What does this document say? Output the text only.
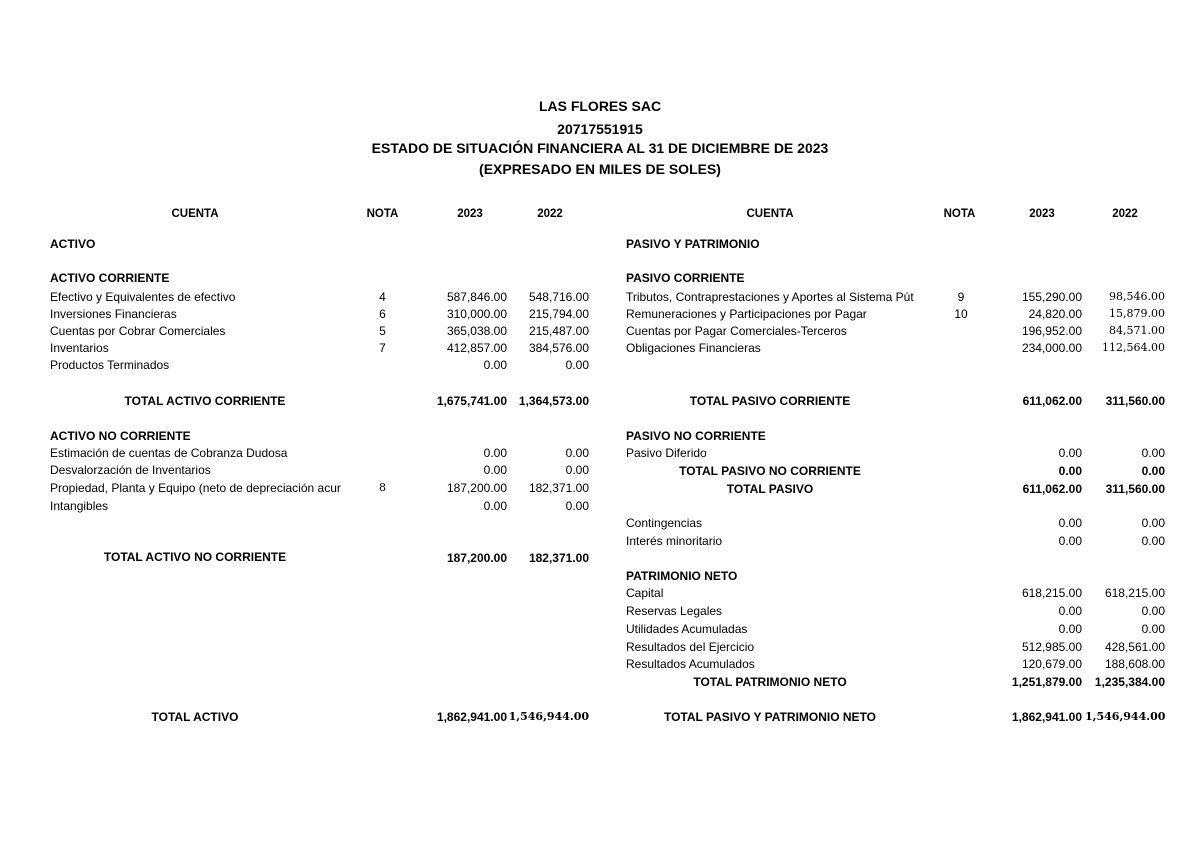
LAS FLORES SAC
20717551915
ESTADO DE SITUACIÓN FINANCIERA AL 31 DE DICIEMBRE DE 2023
(EXPRESADO EN MILES DE SOLES)
CUENTA	NOTA	2023	2022	CUENTA	NOTA	2023	2022
ACTIVO
ACTIVO CORRIENTE
Efectivo y Equivalentes de efectivo	4	587,846.00	548,716.00
Inversiones Financieras	6	310,000.00	215,794.00
Cuentas por Cobrar Comerciales	5	365,038.00	215,487.00
Inventarios	7	412,857.00	384,576.00
Productos Terminados	0.00	0.00
TOTAL ACTIVO CORRIENTE	1,675,741.00 1,364,573.00
ACTIVO NO CORRIENTE
Estimación de cuentas de Cobranza Dudosa	0.00	0.00
Desvalorzación de Inventarios	0.00	0.00
Propiedad, Planta y Equipo (neto de depreciación acur	8	187,200.00	182,371.00
Intangibles	0.00	0.00
TOTAL ACTIVO NO CORRIENTE	187,200.00	182,371.00
TOTAL ACTIVO	1,862,941.00 1,546,944.00
PASIVO Y PATRIMONIO
PASIVO CORRIENTE
Tributos, Contraprestaciones y Aportes al Sistema Pút	9	155,290.00	98,546.00
Remuneraciones y Participaciones por Pagar	10	24,820.00	15,879.00
Cuentas por Pagar Comerciales-Terceros	196,952.00	84,571.00
Obligaciones Financieras	234,000.00	112,564.00
TOTAL PASIVO CORRIENTE	611,062.00	311,560.00
PASIVO NO CORRIENTE
Pasivo Diferido	0.00	0.00
TOTAL PASIVO NO CORRIENTE	0.00	0.00
TOTAL PASIVO	611,062.00	311,560.00
Contingencias	0.00	0.00
Interés minoritario	0.00	0.00
PATRIMONIO NETO
Capital	618,215.00	618,215.00
Reservas Legales	0.00	0.00
Utilidades Acumuladas	0.00	0.00
Resultados del Ejercicio	512,985.00	428,561.00
Resultados Acumulados	120,679.00	188,608.00
TOTAL PATRIMONIO NETO	1,251,879.00	1,235,384.00
TOTAL PASIVO Y PATRIMONIO NETO	1,862,941.00 1,546,944.00
